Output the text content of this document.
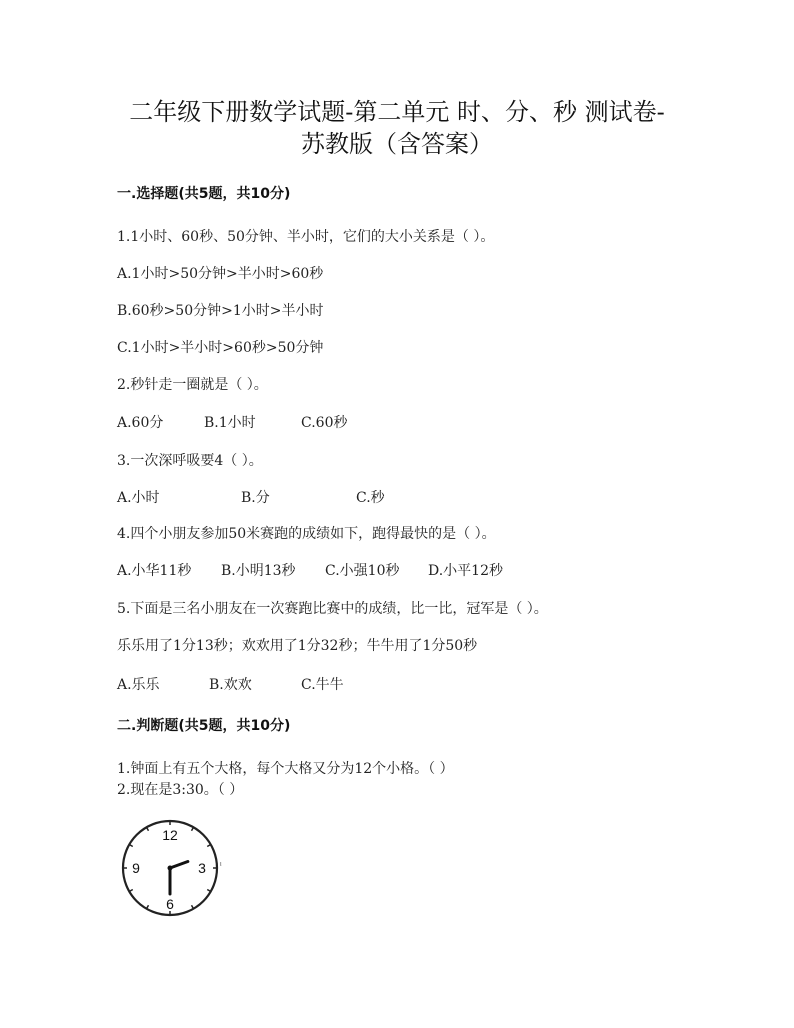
二年级下册数学试题-第二单元 时、分、秒 测试卷-
苏教版（含答案）
一.选择题(共5题，共10分)
1.1小时、60秒、50分钟、半小时，它们的大小关系是（ ）。
A.1小时>50分钟>半小时>60秒
B.60秒>50分钟>1小时>半小时
C.1小时>半小时>60秒>50分钟
2.秒针走一圈就是（ ）。
A.60分	B.1小时	C.60秒
3.一次深呼吸要4（ ）。
A.小时	B.分	C.秒
4.四个小朋友参加50米赛跑的成绩如下，跑得最快的是（ ）。
A.小华11秒 B.小明13秒 C.小强10秒 D.小平12秒
5.下面是三名小朋友在一次赛跑比赛中的成绩，比一比，冠军是（ ）。
乐乐用了1分13秒；欢欢用了1分32秒；牛牛用了1分50秒
A.乐乐	B.欢欢	C.牛牛
二.判断题(共5题，共10分)
1.钟面上有五个大格，每个大格又分为12个小格。（ ）
2.现在是3:30。（ ）
12
3
6
9	ι
